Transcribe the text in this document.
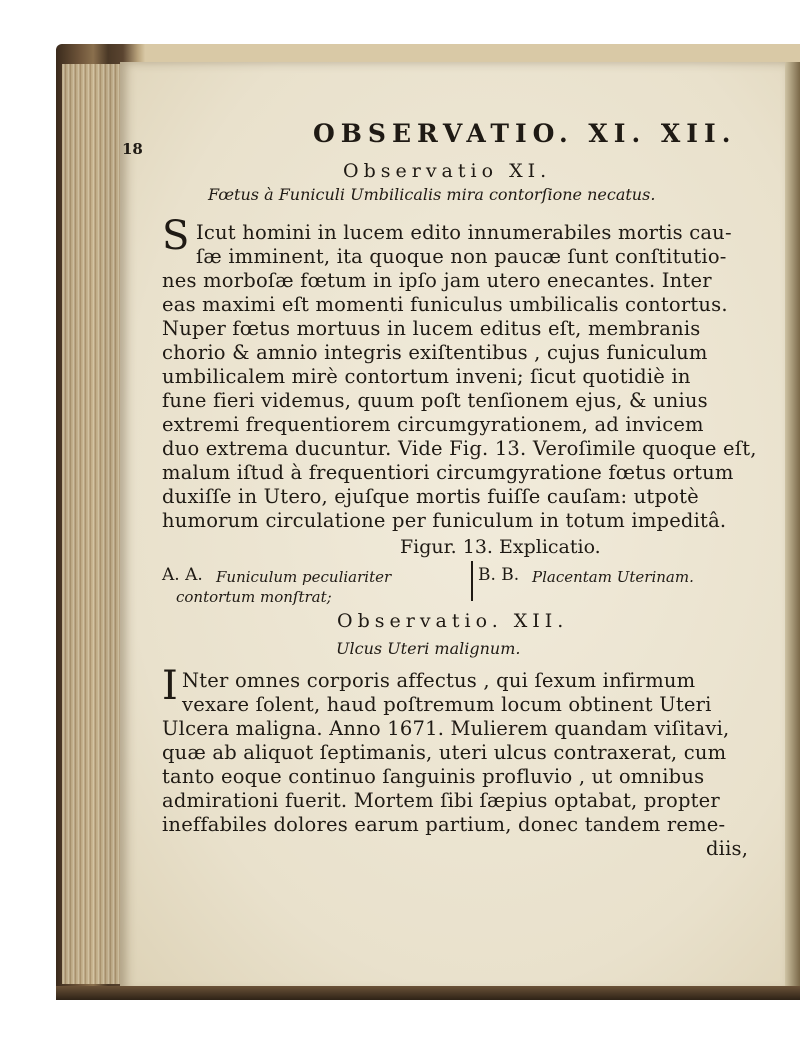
18
OBSERVATIO. XI. XII.
Observatio XI.
Fœtus à Funiculi Umbilicalis mira contorſione necatus.
S Icut homini in lucem edito innumerabiles mortis cau-
ſæ imminent, ita quoque non paucæ ſunt conſtitutio-
nes morboſæ fœtum in ipſo jam utero enecantes. Inter
eas maximi eſt momenti funiculus umbilicalis contortus.
Nuper fœtus mortuus in lucem editus eſt, membranis
chorio & amnio integris exiſtentibus , cujus funiculum
umbilicalem mirè contortum inveni; ſicut quotidiè in
fune fieri videmus, quum poſt tenſionem ejus, & unius
extremi frequentiorem circumgyrationem, ad invicem
duo extrema ducuntur. Vide Fig. 13. Veroſimile quoque eſt,
malum iſtud à frequentiori circumgyratione fœtus ortum
duxiſſe in Utero, ejuſque mortis fuiſſe cauſam: utpotè
humorum circulatione per funiculum in totum impeditâ.
Figur. 13. Explicatio.
A. A. Funiculum peculiariter
contortum monſtrat;
B. B. Placentam Uterinam.
Observatio. XII.
Ulcus Uteri malignum.
I Nter omnes corporis affectus , qui ſexum infirmum
vexare ſolent, haud poſtremum locum obtinent Uteri
Ulcera maligna. Anno 1671. Mulierem quandam viſitavi,
quæ ab aliquot ſeptimanis, uteri ulcus contraxerat, cum
tanto eoque continuo ſanguinis profluvio , ut omnibus
admirationi fuerit. Mortem ſibi ſæpius optabat, propter
ineffabiles dolores earum partium, donec tandem reme-
diis,
